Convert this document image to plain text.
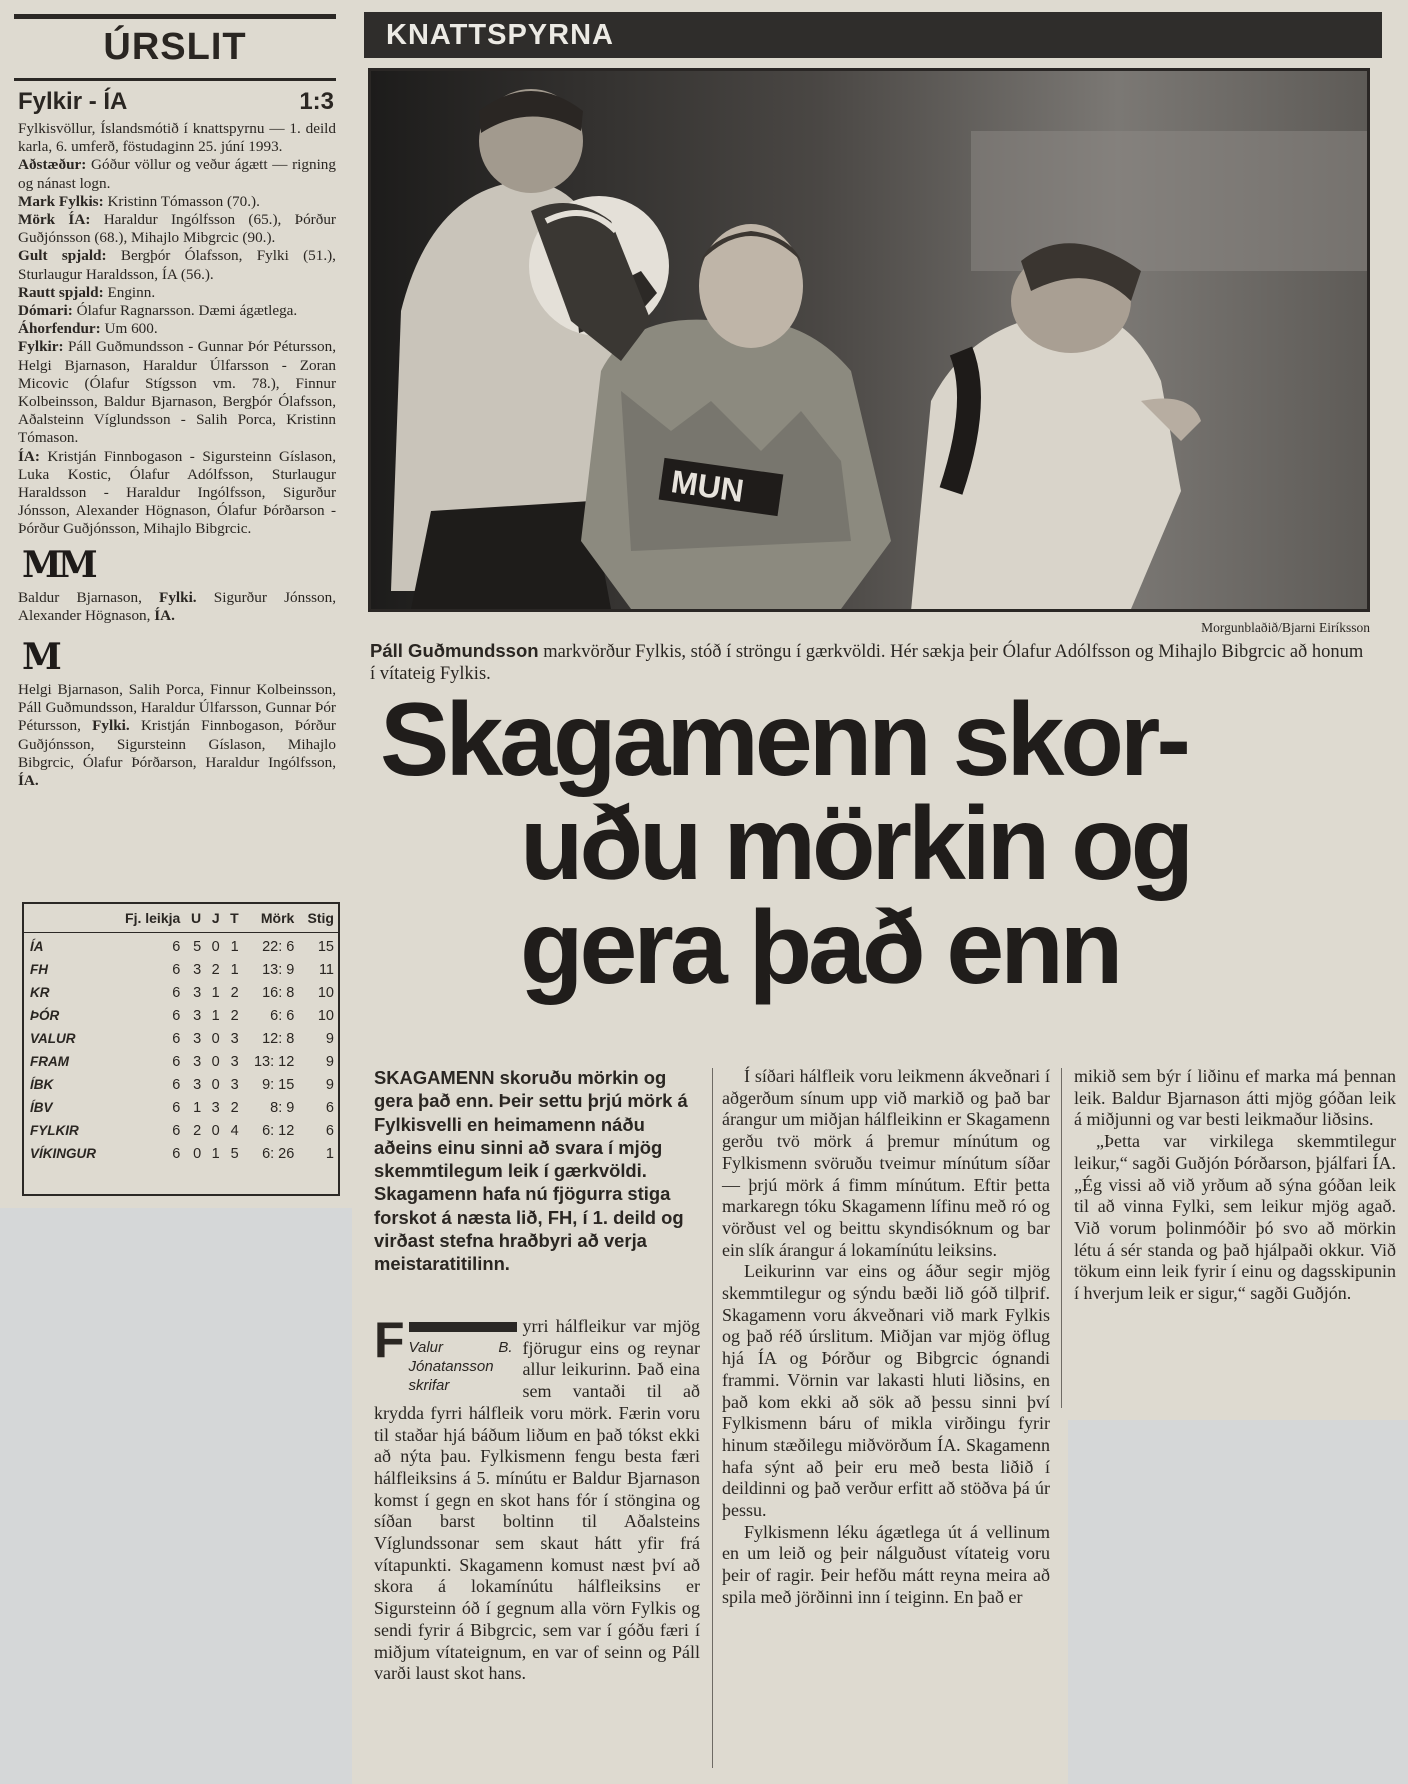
ÚRSLIT
Fylkir - ÍA	1:3

Fylkisvöllur, Íslandsmótið í knattspyrnu — 1. deild karla, 6. umferð, föstudaginn 25. júní 1993.

Aðstæður: Góður völlur og veður ágætt — rigning og nánast logn.

Mark Fylkis: Kristinn Tómasson (70.).

Mörk ÍA: Haraldur Ingólfsson (65.), Þórður Guðjónsson (68.), Mihajlo Mibgrcic (90.).

Gult spjald: Bergþór Ólafsson, Fylki (51.), Sturlaugur Haraldsson, ÍA (56.).

Rautt spjald: Enginn.

Dómari: Ólafur Ragnarsson. Dæmi ágætlega.

Áhorfendur: Um 600.

Fylkir: Páll Guðmundsson - Gunnar Þór Pétursson, Helgi Bjarnason, Haraldur Úlfarsson - Zoran Micovic (Ólafur Stígsson vm. 78.), Finnur Kolbeinsson, Baldur Bjarnason, Bergþór Ólafsson, Aðalsteinn Víglundsson - Salih Porca, Kristinn Tómason.

ÍA: Kristján Finnbogason - Sigursteinn Gíslason, Luka Kostic, Ólafur Adólfsson, Sturlaugur Haraldsson - Haraldur Ingólfsson, Sigurður Jónsson, Alexander Högnason, Ólafur Þórðarson - Þórður Guðjónsson, Mihajlo Bibgrcic.

MM

Baldur Bjarnason, Fylki. Sigurður Jónsson, Alexander Högnason, ÍA.

M

Helgi Bjarnason, Salih Porca, Finnur Kolbeinsson, Páll Guðmundsson, Haraldur Úlfarsson, Gunnar Þór Pétursson, Fylki. Kristján Finnbogason, Þórður Guðjónsson, Sigursteinn Gíslason, Mihajlo Bibgrcic, Ólafur Þórðarson, Haraldur Ingólfsson, ÍA.

	Fj. leikja	U	J	T	Mörk	Stig

ÍA	6	5	0	1	22: 6	15
FH	6	3	2	1	13: 9	11
KR	6	3	1	2	16: 8	10
ÞÓR	6	3	1	2	6: 6	10
VALUR	6	3	0	3	12: 8	9
FRAM	6	3	0	3	13: 12	9
ÍBK	6	3	0	3	9: 15	9
ÍBV	6	1	3	2	8: 9	6
FYLKIR	6	2	0	4	6: 12	6
VÍKINGUR	6	0	1	5	6: 26	1
KNATTSPYRNA
MUN
Morgunblaðið/Bjarni Eiríksson
Páll Guðmundsson markvörður Fylkis, stóð í ströngu í gærkvöldi. Hér sækja þeir Ólafur Adólfsson og Mihajlo Bibgrcic að honum í vítateig Fylkis.
Skagamenn skor-
uðu mörkin og
gera það enn
SKAGAMENN skoruðu mörkin og gera það enn. Þeir settu þrjú mörk á Fylkisvelli en heimamenn náðu aðeins einu sinni að svara í mjög skemmtilegum leik í gærkvöldi. Skagamenn hafa nú fjögurra stiga forskot á næsta lið, FH, í 1. deild og virðast stefna hraðbyri að verja meistaratitilinn.
F Valur B. Jónatansson
skrifar
yrri hálfleikur var mjög fjörugur eins og reynar allur leikurinn. Það eina sem vantaði til að krydda fyrri hálfleik voru mörk. Færin voru til staðar hjá báðum liðum en það tókst ekki að nýta þau. Fylkismenn fengu besta færi hálfleiksins á 5. mínútu er Baldur Bjarnason komst í gegn en skot hans fór í stöngina og síðan barst boltinn til Aðalsteins Víglundssonar sem skaut hátt yfir frá vítapunkti. Skagamenn komust næst því að skora á lokamínútu hálfleiksins er Sigursteinn óð í gegnum alla vörn Fylkis og sendi fyrir á Bibgrcic, sem var í góðu færi í miðjum vítateignum, en var of seinn og Páll varði laust skot hans.

Í síðari hálfleik voru leikmenn ákveðnari í aðgerðum sínum upp við markið og það bar árangur um miðjan hálfleikinn er Skagamenn gerðu tvö mörk á þremur mínútum og Fylkismenn svöruðu tveimur mínútum síðar — þrjú mörk á fimm mínútum. Eftir þetta markaregn tóku Skagamenn lífinu með ró og vörðust vel og beittu skyndisóknum og bar ein slík árangur á lokamínútu leiksins.

Leikurinn var eins og áður segir mjög skemmtilegur og sýndu bæði lið góð tilþrif. Skagamenn voru ákveðnari við mark Fylkis og það réð úrslitum. Miðjan var mjög öflug hjá ÍA og Þórður og Bibgrcic ógnandi frammi. Vörnin var lakasti hluti liðsins, en það kom ekki að sök að þessu sinni því Fylkismenn báru of mikla virðingu fyrir hinum stæðilegu miðvörðum ÍA. Skagamenn hafa sýnt að þeir eru með besta liðið í deildinni og það verður erfitt að stöðva þá úr þessu.

Fylkismenn léku ágætlega út á vellinum en um leið og þeir nálguðust vítateig voru þeir of ragir. Þeir hefðu mátt reyna meira að spila með jörðinni inn í teiginn. En það er

mikið sem býr í liðinu ef marka má þennan leik. Baldur Bjarnason átti mjög góðan leik á miðjunni og var besti leikmaður liðsins.

„Þetta var virkilega skemmtilegur leikur,“ sagði Guðjón Þórðarson, þjálfari ÍA. „Ég vissi að við yrðum að sýna góðan leik til að vinna Fylki, sem leikur mjög agað. Við vorum þolinmóðir þó svo að mörkin létu á sér standa og það hjálpaði okkur. Við tökum einn leik fyrir í einu og dagsskipunin í hverjum leik er sigur,“ sagði Guðjón.
